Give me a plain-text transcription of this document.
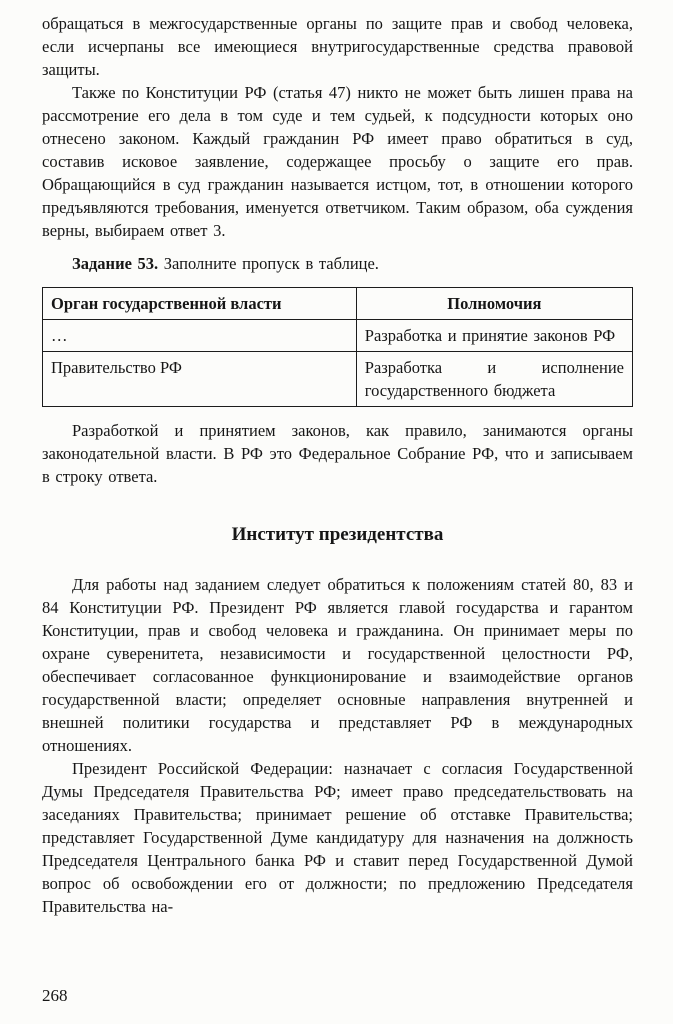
обращаться в межгосударственные органы по защите прав и свобод человека, если исчерпаны все имеющиеся внутригосударственные средства правовой защиты.

Также по Конституции РФ (статья 47) никто не может быть лишен права на рассмотрение его дела в том суде и тем судьей, к подсудности которых оно отнесено законом. Каждый гражданин РФ имеет право обратиться в суд, составив исковое заявление, содержащее просьбу о защите его прав. Обращающийся в суд гражданин называется истцом, тот, в отношении которого предъявляются требования, именуется ответчиком. Таким образом, оба суждения верны, выбираем ответ 3.

Задание 53. Заполните пропуск в таблице.

Орган государственной власти	Полномочия
…	Разработка и принятие законов РФ
Правительство РФ	Разработка и исполнение государственного бюджета

Разработкой и принятием законов, как правило, занимаются органы законодательной власти. В РФ это Федеральное Собрание РФ, что и записываем в строку ответа.

Институт президентства

Для работы над заданием следует обратиться к положениям статей 80, 83 и 84 Конституции РФ. Президент РФ является главой государства и гарантом Конституции, прав и свобод человека и гражданина. Он принимает меры по охране суверенитета, независимости и государственной целостности РФ, обеспечивает согласованное функционирование и взаимодействие органов государственной власти; определяет основные направления внутренней и внешней политики государства и представляет РФ в международных отношениях.

Президент Российской Федерации: назначает с согласия Государственной Думы Председателя Правительства РФ; имеет право председательствовать на заседаниях Правительства; принимает решение об отставке Правительства; представляет Государственной Думе кандидатуру для назначения на должность Председателя Центрального банка РФ и ставит перед Государственной Думой вопрос об освобождении его от должности; по предложению Председателя Правительства на-

268
